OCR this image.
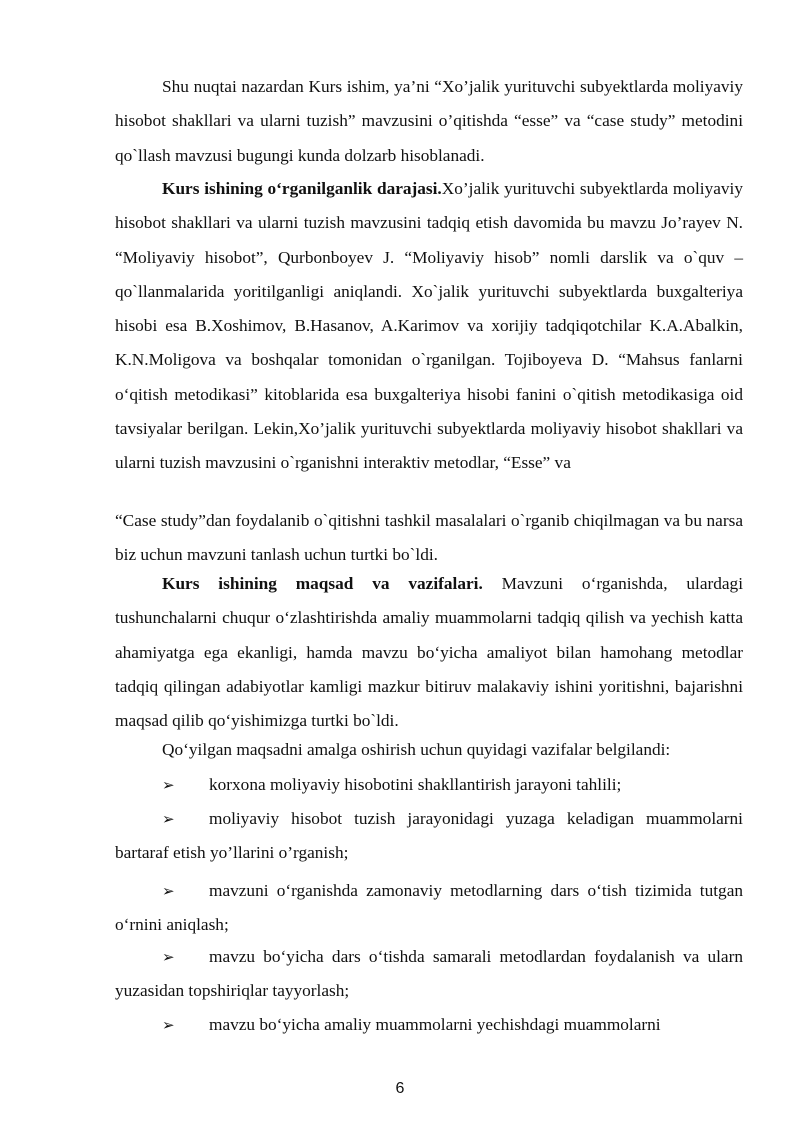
Shu nuqtai nazardan Kurs ishim, ya’ni “Xo’jalik yurituvchi subyektlarda moliyaviy hisobot shakllari va ularni tuzish” mavzusini o’qitishda “esse” va “case study” metodini qo`llash mavzusi bugungi kunda dolzarb hisoblanadi.

Kurs ishining o‘rganilganlik darajasi.Xo’jalik yurituvchi subyektlarda moliyaviy hisobot shakllari va ularni tuzish mavzusini tadqiq etish davomida bu mavzu Jo’rayev N. “Moliyaviy hisobot”, Qurbonboyev J. “Moliyaviy hisob” nomli darslik va o`quv – qo`llanmalarida yoritilganligi aniqlandi. Xo`jalik yurituvchi subyektlarda buxgalteriya hisobi esa B.Xoshimov, B.Hasanov, A.Karimov va xorijiy tadqiqotchilar K.A.Abalkin, K.N.Moligova va boshqalar tomonidan o`rganilgan. Tojiboyeva D. “Mahsus fanlarni o‘qitish metodikasi” kitoblarida esa buxgalteriya hisobi fanini o`qitish metodikasiga oid tavsiyalar berilgan. Lekin,Xo’jalik yurituvchi subyektlarda moliyaviy hisobot shakllari va ularni tuzish mavzusini o`rganishni interaktiv metodlar, “Esse” va

“Case study”dan foydalanib o`qitishni tashkil masalalari o`rganib chiqilmagan va bu narsa biz uchun mavzuni tanlash uchun turtki bo`ldi.

Kurs ishining maqsad va vazifalari. Mavzuni o‘rganishda, ulardagi tushunchalarni chuqur o‘zlashtirishda amaliy muammolarni tadqiq qilish va yechish katta ahamiyatga ega ekanligi, hamda mavzu bo‘yicha amaliyot bilan hamohang metodlar tadqiq qilingan adabiyotlar kamligi mazkur bitiruv malakaviy ishini yoritishni, bajarishni maqsad qilib qo‘yishimizga turtki bo`ldi.

Qo‘yilgan maqsadni amalga oshirish uchun quyidagi vazifalar belgilandi:

➢	korxona moliyaviy hisobotini shakllantirish jarayoni tahlili;
➢	moliyaviy hisobot tuzish jarayonidagi yuzaga keladigan muammolarni bartaraf etish yo’llarini o’rganish;
➢	mavzuni o‘rganishda zamonaviy metodlarning dars o‘tish tizimida tutgan o‘rnini aniqlash;
➢	mavzu bo‘yicha dars o‘tishda samarali metodlardan foydalanish va ularn yuzasidan topshiriqlar tayyorlash;
➢	mavzu bo‘yicha amaliy muammolarni yechishdagi muammolarni
6
